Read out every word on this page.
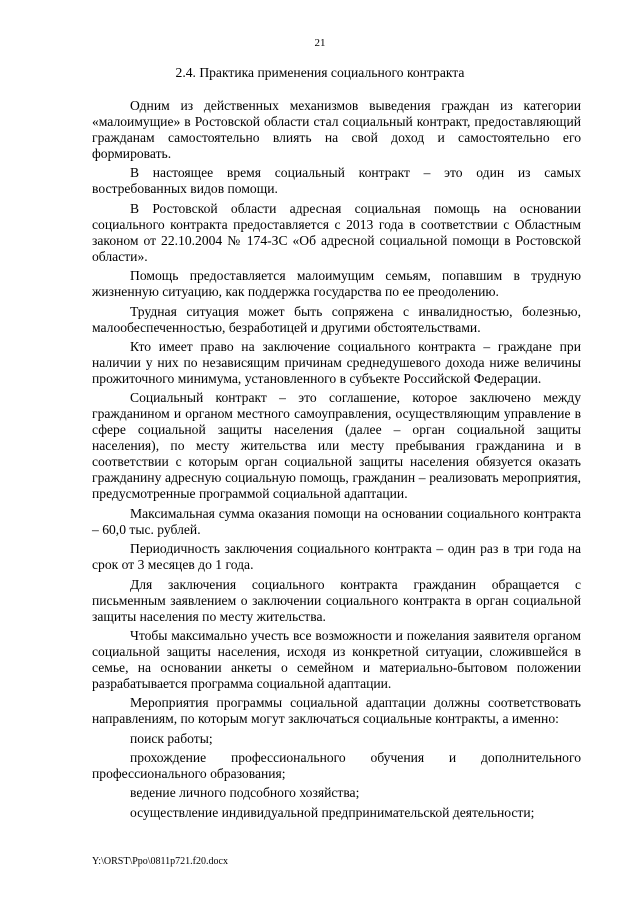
21
2.4. Практика применения социального контракта

Одним из действенных механизмов выведения граждан из категории «малоимущие» в Ростовской области стал социальный контракт, предоставляющий гражданам самостоятельно влиять на свой доход и самостоятельно его формировать.

В настоящее время социальный контракт – это один из самых востребованных видов помощи.

В Ростовской области адресная социальная помощь на основании социального контракта предоставляется с 2013 года в соответствии с Областным законом от 22.10.2004 № 174-ЗС «Об адресной социальной помощи в Ростовской области».

Помощь предоставляется малоимущим семьям, попавшим в трудную жизненную ситуацию, как поддержка государства по ее преодолению.

Трудная ситуация может быть сопряжена с инвалидностью, болезнью, малообеспеченностью, безработицей и другими обстоятельствами.

Кто имеет право на заключение социального контракта – граждане при наличии у них по независящим причинам среднедушевого дохода ниже величины прожиточного минимума, установленного в субъекте Российской Федерации.

Социальный контракт – это соглашение, которое заключено между гражданином и органом местного самоуправления, осуществляющим управление в сфере социальной защиты населения (далее – орган социальной защиты населения), по месту жительства или месту пребывания гражданина и в соответствии с которым орган социальной защиты населения обязуется оказать гражданину адресную социальную помощь, гражданин – реализовать мероприятия, предусмотренные программой социальной адаптации.

Максимальная сумма оказания помощи на основании социального контракта – 60,0 тыс. рублей.

Периодичность заключения социального контракта – один раз в три года на срок от 3 месяцев до 1 года.

Для заключения социального контракта гражданин обращается с письменным заявлением о заключении социального контракта в орган социальной защиты населения по месту жительства.

Чтобы максимально учесть все возможности и пожелания заявителя органом социальной защиты населения, исходя из конкретной ситуации, сложившейся в семье, на основании анкеты о семейном и материально-бытовом положении разрабатывается программа социальной адаптации.

Мероприятия программы социальной адаптации должны соответствовать направлениям, по которым могут заключаться социальные контракты, а именно:

поиск работы;

прохождение профессионального обучения и дополнительного профессионального образования;

ведение личного подсобного хозяйства;

осуществление индивидуальной предпринимательской деятельности;

Y:\ORST\Ppo\0811p721.f20.docx
